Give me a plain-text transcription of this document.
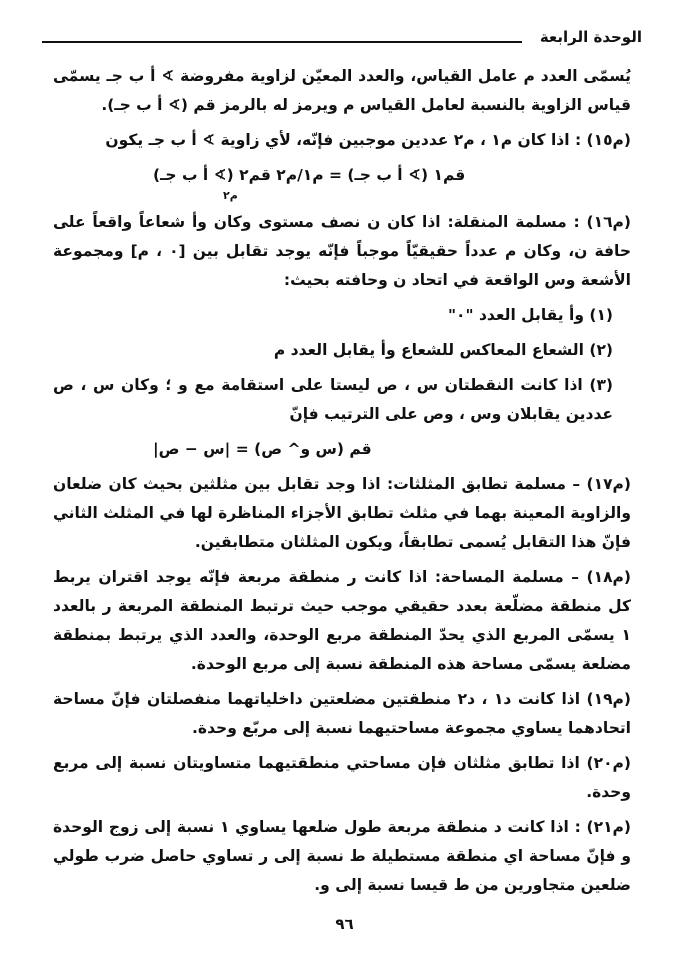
الوحدة الرابعة

يُسمّى العدد م عامل القياس، والعدد المعيّن لزاوية مفروضة ∢ أ ب جـ يسمّى قياس الزاوية بالنسبة لعامل القياس م ويرمز له بالرمز قم (∢ أ ب جـ).

(م١٥) : اذا كان م١ ، م٢ عددين موجبين فإنّه، لأي زاوية ∢ أ ب جـ يكون

قم١ (∢ أ ب جـ) = م١/م٢ قم٢ (∢ أ ب جـ)

م٢

(م١٦) : مسلمة المنقلة: اذا كان ن نصف مستوى وكان وأ شعاعاً واقعاً على حافة ن، وكان م عدداً حقيقيّاً موجباً فإنّه يوجد تقابل بين [٠ ، م] ومجموعة الأشعة وس الواقعة في اتحاد ن وحافته بحيث:

(١) وأ يقابل العدد "٠"

(٢) الشعاع المعاكس للشعاع وأ يقابل العدد م

(٣) اذا كانت النقطتان س ، ص ليستا على استقامة مع و ؛ وكان س ، ص عددين يقابلان وس ، وص على الترتيب فإنّ

قم (س و^ ص) = |س − ص|

(م١٧) – مسلمة تطابق المثلثات: اذا وجد تقابل بين مثلثين بحيث كان ضلعان والزاوية المعينة بهما في مثلث تطابق الأجزاء المناظرة لها في المثلث الثاني فإنّ هذا التقابل يُسمى تطابقاً، ويكون المثلثان متطابقين.

(م١٨) – مسلمة المساحة: اذا كانت ر منطقة مربعة فإنّه يوجد اقتران يربط كل منطقة مضلّعة بعدد حقيقي موجب حيث ترتبط المنطقة المربعة ر بالعدد ١ يسمّى المربع الذي يحدّ المنطقة مربع الوحدة، والعدد الذي يرتبط بمنطقة مضلعة يسمّى مساحة هذه المنطقة نسبة إلى مربع الوحدة.

(م١٩) اذا كانت د١ ، د٢ منطقتين مضلعتين داخلياتهما منفصلتان فإنّ مساحة اتحادهما يساوي مجموعة مساحتيهما نسبة إلى مربّع وحدة.

(م٢٠) اذا تطابق مثلثان فإن مساحتي منطقتيهما متساويتان نسبة إلى مربع وحدة.

(م٢١) : اذا كانت د منطقة مربعة طول ضلعها يساوي ١ نسبة إلى زوج الوحدة و فإنّ مساحة اي منطقة مستطيلة ط نسبة إلى ر تساوي حاصل ضرب طولي ضلعين متجاورين من ط قيسا نسبة إلى و.

٩٦
